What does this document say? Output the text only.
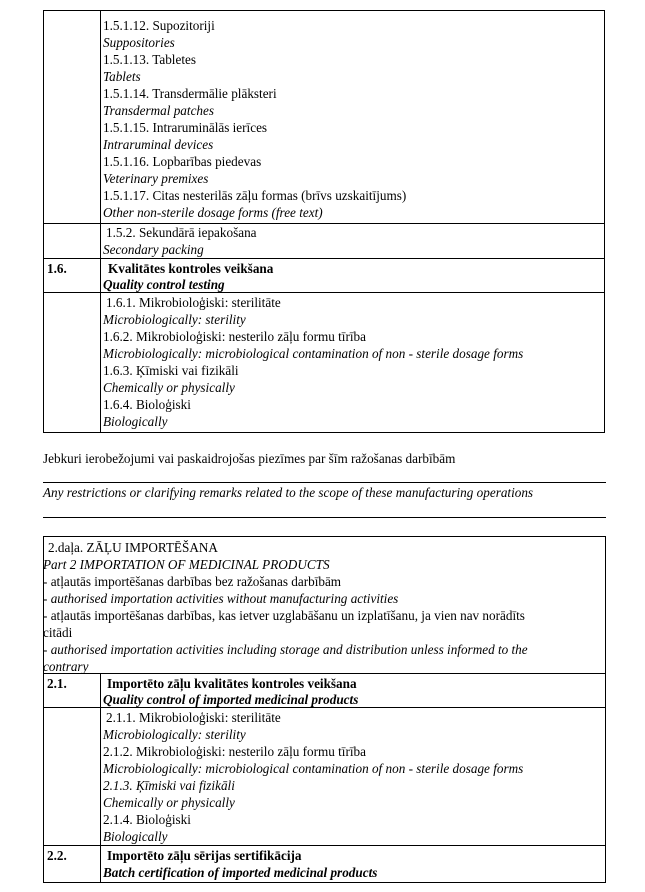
1.5.1.12. Supozitoriji
Suppositories
1.5.1.13. Tabletes
Tablets
1.5.1.14. Transdermālie plāksteri
Transdermal patches
1.5.1.15. Intraruminālās ierīces
Intraruminal devices
1.5.1.16. Lopbarības piedevas
Veterinary premixes
1.5.1.17. Citas nesterilās zāļu formas (brīvs uzskaitījums)
Other non-sterile dosage forms (free text)
1.5.2. Sekundārā iepakošana
Secondary packing
1.6.	Kvalitātes kontroles veikšana
Quality control testing
1.6.1. Mikrobioloģiski: sterilitāte
Microbiologically: sterility
1.6.2. Mikrobioloģiski: nesterilo zāļu formu tīrība
Microbiologically: microbiological contamination of non - sterile dosage forms
1.6.3. Ķīmiski vai fizikāli
Chemically or physically
1.6.4. Bioloģiski
Biologically
Jebkuri ierobežojumi vai paskaidrojošas piezīmes par šīm ražošanas darbībām
Any restrictions or clarifying remarks related to the scope of these manufacturing operations
2.daļa. ZĀĻU IMPORTĒŠANA
Part 2 IMPORTATION OF MEDICINAL PRODUCTS
- atļautās importēšanas darbības bez ražošanas darbībām
- authorised importation activities without manufacturing activities
- atļautās importēšanas darbības, kas ietver uzglabāšanu un izplatīšanu, ja vien nav norādīts
citādi
- authorised importation activities including storage and distribution unless informed to the
contrary
2.1.	Importēto zāļu kvalitātes kontroles veikšana
Quality control of imported medicinal products
2.1.1. Mikrobioloģiski: sterilitāte
Microbiologically: sterility
2.1.2. Mikrobioloģiski: nesterilo zāļu formu tīrība
Microbiologically: microbiological contamination of non - sterile dosage forms
2.1.3. Ķīmiski vai fizikāli
Chemically or physically
2.1.4. Bioloģiski
Biologically
2.2.	Importēto zāļu sērijas sertifikācija
Batch certification of imported medicinal products
